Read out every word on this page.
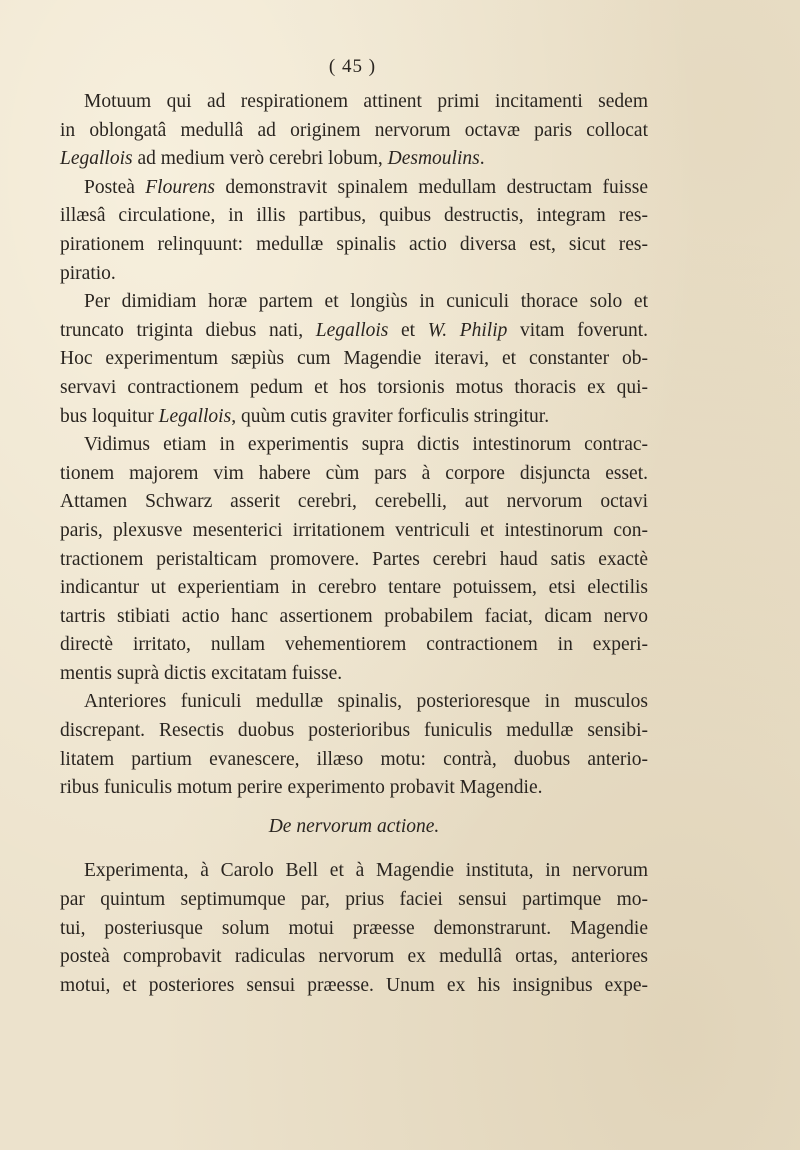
( 45 )
Motuum qui ad respirationem attinent primi incitamenti sedem
in oblongatâ medullâ ad originem nervorum octavæ paris collocat
Legallois ad medium verò cerebri lobum, Desmoulins.
Posteà Flourens demonstravit spinalem medullam destructam fuisse
illæsâ circulatione, in illis partibus, quibus destructis, integram res-
pirationem relinquunt: medullæ spinalis actio diversa est, sicut res-
piratio.
Per dimidiam horæ partem et longiùs in cuniculi thorace solo et
truncato triginta diebus nati, Legallois et W. Philip vitam foverunt.
Hoc experimentum sæpiùs cum Magendie iteravi, et constanter ob-
servavi contractionem pedum et hos torsionis motus thoracis ex qui-
bus loquitur Legallois, quùm cutis graviter forficulis stringitur.
Vidimus etiam in experimentis supra dictis intestinorum contrac-
tionem majorem vim habere cùm pars à corpore disjuncta esset.
Attamen Schwarz asserit cerebri, cerebelli, aut nervorum octavi
paris, plexusve mesenterici irritationem ventriculi et intestinorum con-
tractionem peristalticam promovere. Partes cerebri haud satis exactè
indicantur ut experientiam in cerebro tentare potuissem, etsi electilis
tartris stibiati actio hanc assertionem probabilem faciat, dicam nervo
directè irritato, nullam vehementiorem contractionem in experi-
mentis suprà dictis excitatam fuisse.
Anteriores funiculi medullæ spinalis, posterioresque in musculos
discrepant. Resectis duobus posterioribus funiculis medullæ sensibi-
litatem partium evanescere, illæso motu: contrà, duobus anterio-
ribus funiculis motum perire experimento probavit Magendie.
De nervorum actione.
Experimenta, à Carolo Bell et à Magendie instituta, in nervorum
par quintum septimumque par, prius faciei sensui partimque mo-
tui, posteriusque solum motui præesse demonstrarunt. Magendie
posteà comprobavit radiculas nervorum ex medullâ ortas, anteriores
motui, et posteriores sensui præesse. Unum ex his insignibus expe-
